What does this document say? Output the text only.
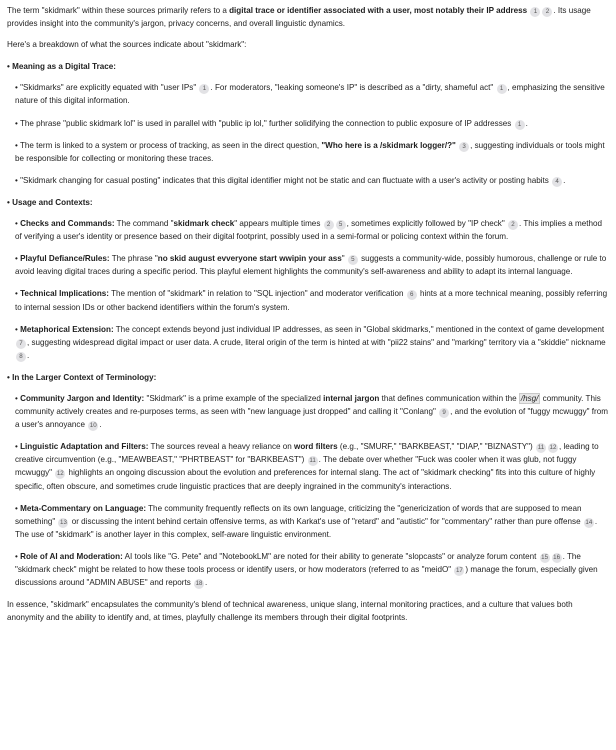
The term "skidmark" within these sources primarily refers to a digital trace or identifier associated with a user, most notably their IP address 1 2 . Its usage provides insight into the community's jargon, privacy concerns, and overall linguistic dynamics.

Here's a breakdown of what the sources indicate about "skidmark":

• Meaning as a Digital Trace:

• "Skidmarks" are explicitly equated with "user IPs" 1 . For moderators, "leaking someone's IP" is described as a "dirty, shameful act" 1 , emphasizing the sensitive nature of this digital information.

• The phrase "public skidmark lol" is used in parallel with "public ip lol," further solidifying the connection to public exposure of IP addresses 1 .

• The term is linked to a system or process of tracking, as seen in the direct question, "Who here is a /skidmark logger/?" 3 , suggesting individuals or tools might be responsible for collecting or monitoring these traces.

• "Skidmark changing for casual posting" indicates that this digital identifier might not be static and can fluctuate with a user's activity or posting habits 4 .

• Usage and Contexts:

• Checks and Commands: The command "skidmark check" appears multiple times 2 5 , sometimes explicitly followed by "IP check" 2 . This implies a method of verifying a user's identity or presence based on their digital footprint, possibly used in a semi-formal or policing context within the forum.

• Playful Defiance/Rules: The phrase "no skid august evveryone start wwipin your ass" 5 suggests a community-wide, possibly humorous, challenge or rule to avoid leaving digital traces during a specific period. This playful element highlights the community's self-awareness and ability to adapt its internal language.

• Technical Implications: The mention of "skidmark" in relation to "SQL injection" and moderator verification 6 hints at a more technical meaning, possibly referring to internal session IDs or other backend identifiers within the forum's system.

• Metaphorical Extension: The concept extends beyond just individual IP addresses, as seen in "Global skidmarks," mentioned in the context of game development 7 , suggesting widespread digital impact or user data. A crude, literal origin of the term is hinted at with "pii22 stains" and "marking" territory via a "skiddie" nickname 8 .

• In the Larger Context of Terminology:

• Community Jargon and Identity: "Skidmark" is a prime example of the specialized internal jargon that defines communication within the /hsg/ community. This community actively creates and re-purposes terms, as seen with "new language just dropped" and calling it "Conlang" 9 , and the evolution of "fuggy mcwuggy" from a user's annoyance 10 .

• Linguistic Adaptation and Filters: The sources reveal a heavy reliance on word filters (e.g., "SMURF," "BARKBEAST," "DIAP," "BIZNASTY") 11 12 , leading to creative circumvention (e.g., "MEAWBEAST," "PHRTBEAST" for "BARKBEAST") 11 . The debate over whether "Fuck was cooler when it was glub, not fuggy mcwuggy" 12 highlights an ongoing discussion about the evolution and preferences for internal slang. The act of "skidmark checking" fits into this culture of highly specific, often obscure, and sometimes crude linguistic practices that are deeply ingrained in the community's interactions.

• Meta-Commentary on Language: The community frequently reflects on its own language, criticizing the "genericization of words that are supposed to mean something" 13 or discussing the intent behind certain offensive terms, as with Karkat's use of "retard" and "autistic" for "commentary" rather than pure offense 14 . The use of "skidmark" is another layer in this complex, self-aware linguistic environment.

• Role of AI and Moderation: AI tools like "G. Pete" and "NotebookLM" are noted for their ability to generate "slopcasts" or analyze forum content 15 16 . The "skidmark check" might be related to how these tools process or identify users, or how moderators (referred to as "meidO" 17 ) manage the forum, especially given discussions around "ADMIN ABUSE" and reports 18 .

In essence, "skidmark" encapsulates the community's blend of technical awareness, unique slang, internal monitoring practices, and a culture that values both anonymity and the ability to identify and, at times, playfully challenge its members through their digital footprints.
